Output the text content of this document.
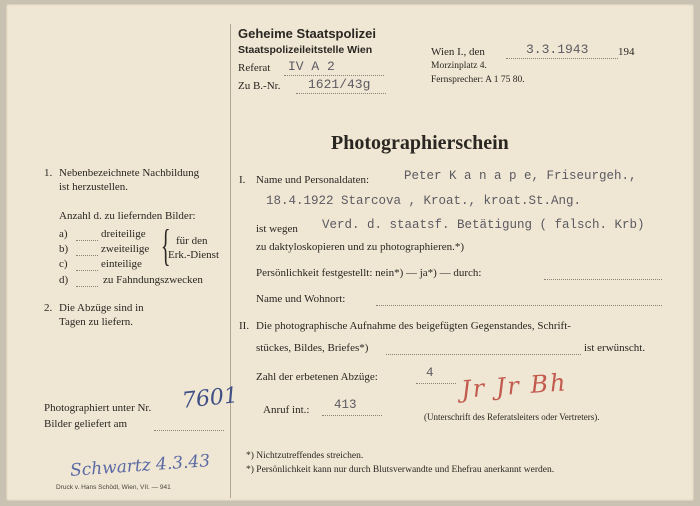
Geheime Staatspolizei
Staatspolizeileitstelle Wien
Referat IV A 2
Zu B.-Nr. 1621/43g
Wien I., den	3.3.1943	194
Morzinplatz 4.
Fernsprecher: A 1 75 80.
Photographierschein
1. Nebenbezeichnete Nachbildung
ist herzustellen.
Anzahl d. zu liefernden Bilder:
a)	dreiteilige
b)	zweiteilige
c)	einteilige { für den
Erk.-Dienst
d)	zu Fahndungszwecken
2. Die Abzüge sind in
Tagen zu liefern.
Photographiert unter Nr. 7601
Bilder geliefert am
Schwartz 4.3.43
Druck v. Hans Schödl, Wien, VII. — 941
I. Name und Personaldaten:	Peter K a n a p e, Friseurgeh.,
18.4.1922 Starcova , Kroat., kroat.St.Ang.
ist wegen Verd. d. staatsf. Betätigung ( falsch. Krb)
zu daktyloskopieren und zu photographieren.*)
Persönlichkeit festgestellt: nein*) — ja*) — durch:
Name und Wohnort:
II. Die photographische Aufnahme des beigefügten Gegenstandes, Schrift-
stückes, Bildes, Briefes*)	ist erwünscht.
Zahl der erbetenen Abzüge:	4 Jr Jr Bh
Anruf int.: 413
(Unterschrift des Referatsleiters oder Vertreters).
*) Nichtzutreffendes streichen.
*) Persönlichkeit kann nur durch Blutsverwandte und Ehefrau anerkannt werden.
